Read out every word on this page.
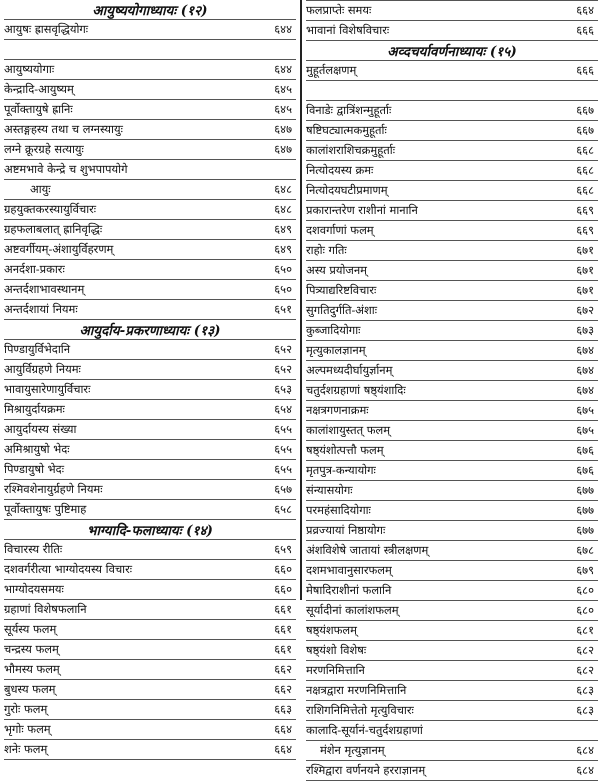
आयुष्ययोगाध्यायः (१२)
आयुषः ह्रासवृद्धियोगः	६४४
आयुष्ययोगाः	६४४
केन्द्रादि-आयुष्यम्	६४५
पूर्वोक्तायुषे ह्रानिः	६४५
अस्तङ्गहस्य तथा च लग्नस्यायुः	६४७
लग्ने क्रूरग्रहे सत्यायुः	६४७
अष्टमभावे केन्द्रे च शुभपापयोगे
आयुः	६४८
ग्रहयुक्तकरस्यायुर्विचारः	६४८
ग्रहफलाबलात् ह्रानिवृद्धिः	६४९
अष्टवर्गीयम्-अंशायुर्विहरणम्	६४९
अनर्दशा-प्रकारः	६५०
अन्तर्दशाभावस्थानम्	६५०
अन्तर्दशायां नियमः	६५१
आयुर्दाय-प्रकरणाध्यायः (१३)
पिण्डायुर्विभेदानि	६५२
आयुर्विग्रहणे नियमः	६५२
भावायुसारेणायुर्विचारः	६५३
मिश्रायुर्दायक्रमः	६५४
आयुर्दायस्य संख्या	६५५
अमिश्रायुषो भेदः	६५५
पिण्डायुषो भेदः	६५५
रश्मिवशेनायुर्ग्रहणे नियमः	६५७
पूर्वोक्तायुषः पुष्टिमाह	६५८
भाग्यादि-फलाध्यायः (१४)
विचारस्य रीतिः	६५९
दशवर्गरीत्या भाग्योदयस्य विचारः	६६०
भाग्योदयसमयः	६६०
ग्रहाणां विशेषफलानि	६६१
सूर्यस्य फलम्	६६१
चन्द्रस्य फलम्	६६१
भौमस्य फलम्	६६२
बुधस्य फलम्	६६२
गुरोः फलम्	६६३
भृगोः फलम्	६६४
शनेः फलम्	६६४
फलप्राप्तेः समयः	६६४
भावानां विशेषविचारः	६६६
अव्दचर्यावर्णनाध्यायः (१५)
मुहूर्तलक्षणम्	६६६
विनाडेः द्वात्रिंशन्मुहूर्ताः	६६७
षष्टिघट्यात्मकमुहूर्ताः	६६७
कालांशराशिचक्रमुहूर्ताः	६६८
नित्योदयस्य क्रमः	६६८
नित्योदयघटीप्रमाणम्	६६८
प्रकारान्तरेण राशीनां मानानि	६६९
दशवर्गाणां फलम्	६६९
राहोः गतिः	६७१
अस्य प्रयोजनम्	६७१
पित्र्याद्यरिष्टविचारः	६७१
सुगतिदुर्गति-अंशाः	६७२
कुब्जादियोगाः	६७३
मृत्युकालज्ञानम्	६७४
अल्पमध्यदीर्घायुर्ज्ञानम्	६७४
चतुर्दशग्रहाणां षष्ठ्यंशादिः	६७४
नक्षत्रगणनाक्रमः	६७५
कालांशायुस्तत् फलम्	६७५
षष्ठ्यंशोत्पत्तौ फलम्	६७६
मृतपुत्र-कन्यायोगः	६७६
संन्यासयोगः	६७७
परमहंसादियोगाः	६७७
प्रव्रज्यायां निष्ठायोगः	६७७
अंशविशेषे जातायां स्त्रीलक्षणम्	६७८
दशमभावानुसारफलम्	६७९
मेषादिराशीनां फलानि	६८०
सूर्यादीनां कालांशफलम्	६८०
षष्ठ्यंशफलम्	६८१
षष्ठ्यंशो विशेषः	६८२
मरणनिमित्तानि	६८२
नक्षत्रद्वारा मरणनिमित्तानि	६८३
राशिगनिमित्तेतो मृत्युविचारः	६८३
कालादि-सूर्यानं-चतुर्दशग्रहाणां
मंशेन मृत्युज्ञानम्	६८४
रश्मिद्वारा वर्णनयने हरराज्ञानम्	६८४
